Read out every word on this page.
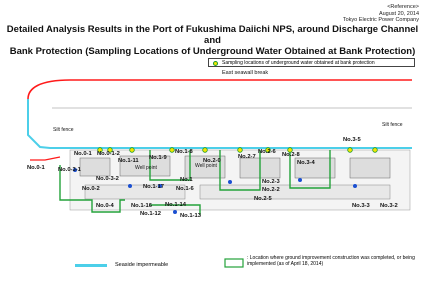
<Reference>
August 20, 2014
Tokyo Electric Power Company
Detailed Analysis Results in the Port of Fukushima Daiichi NPS, around Discharge Channel and
Bank Protection (Sampling Locations of Underground Water Obtained at Bank Protection)
Sampling locations of underground water obtained at bank protection
East seawall break
Silt fence
Silt fence
Well point	Well point
No.0-1 No.0-1-2
No.1-11 No.1-9
No.1-8
No.2-0
No.2-7
No.2-6 No.2-8
No.3-5
No.3-4
No.0-3-1
No.0-1
No.0-3-2
No.0-2	No.1-17
No.1
No.1-6
No.2-3
No.2-2
No.3-3 No.3-2
No.0-4	No.1-16 No.1-14
No.1-12	No.1-13
No.2-5
Seaside impermeable
: Location where ground improvement construction was completed, or being implemented (as of April 18, 2014)
